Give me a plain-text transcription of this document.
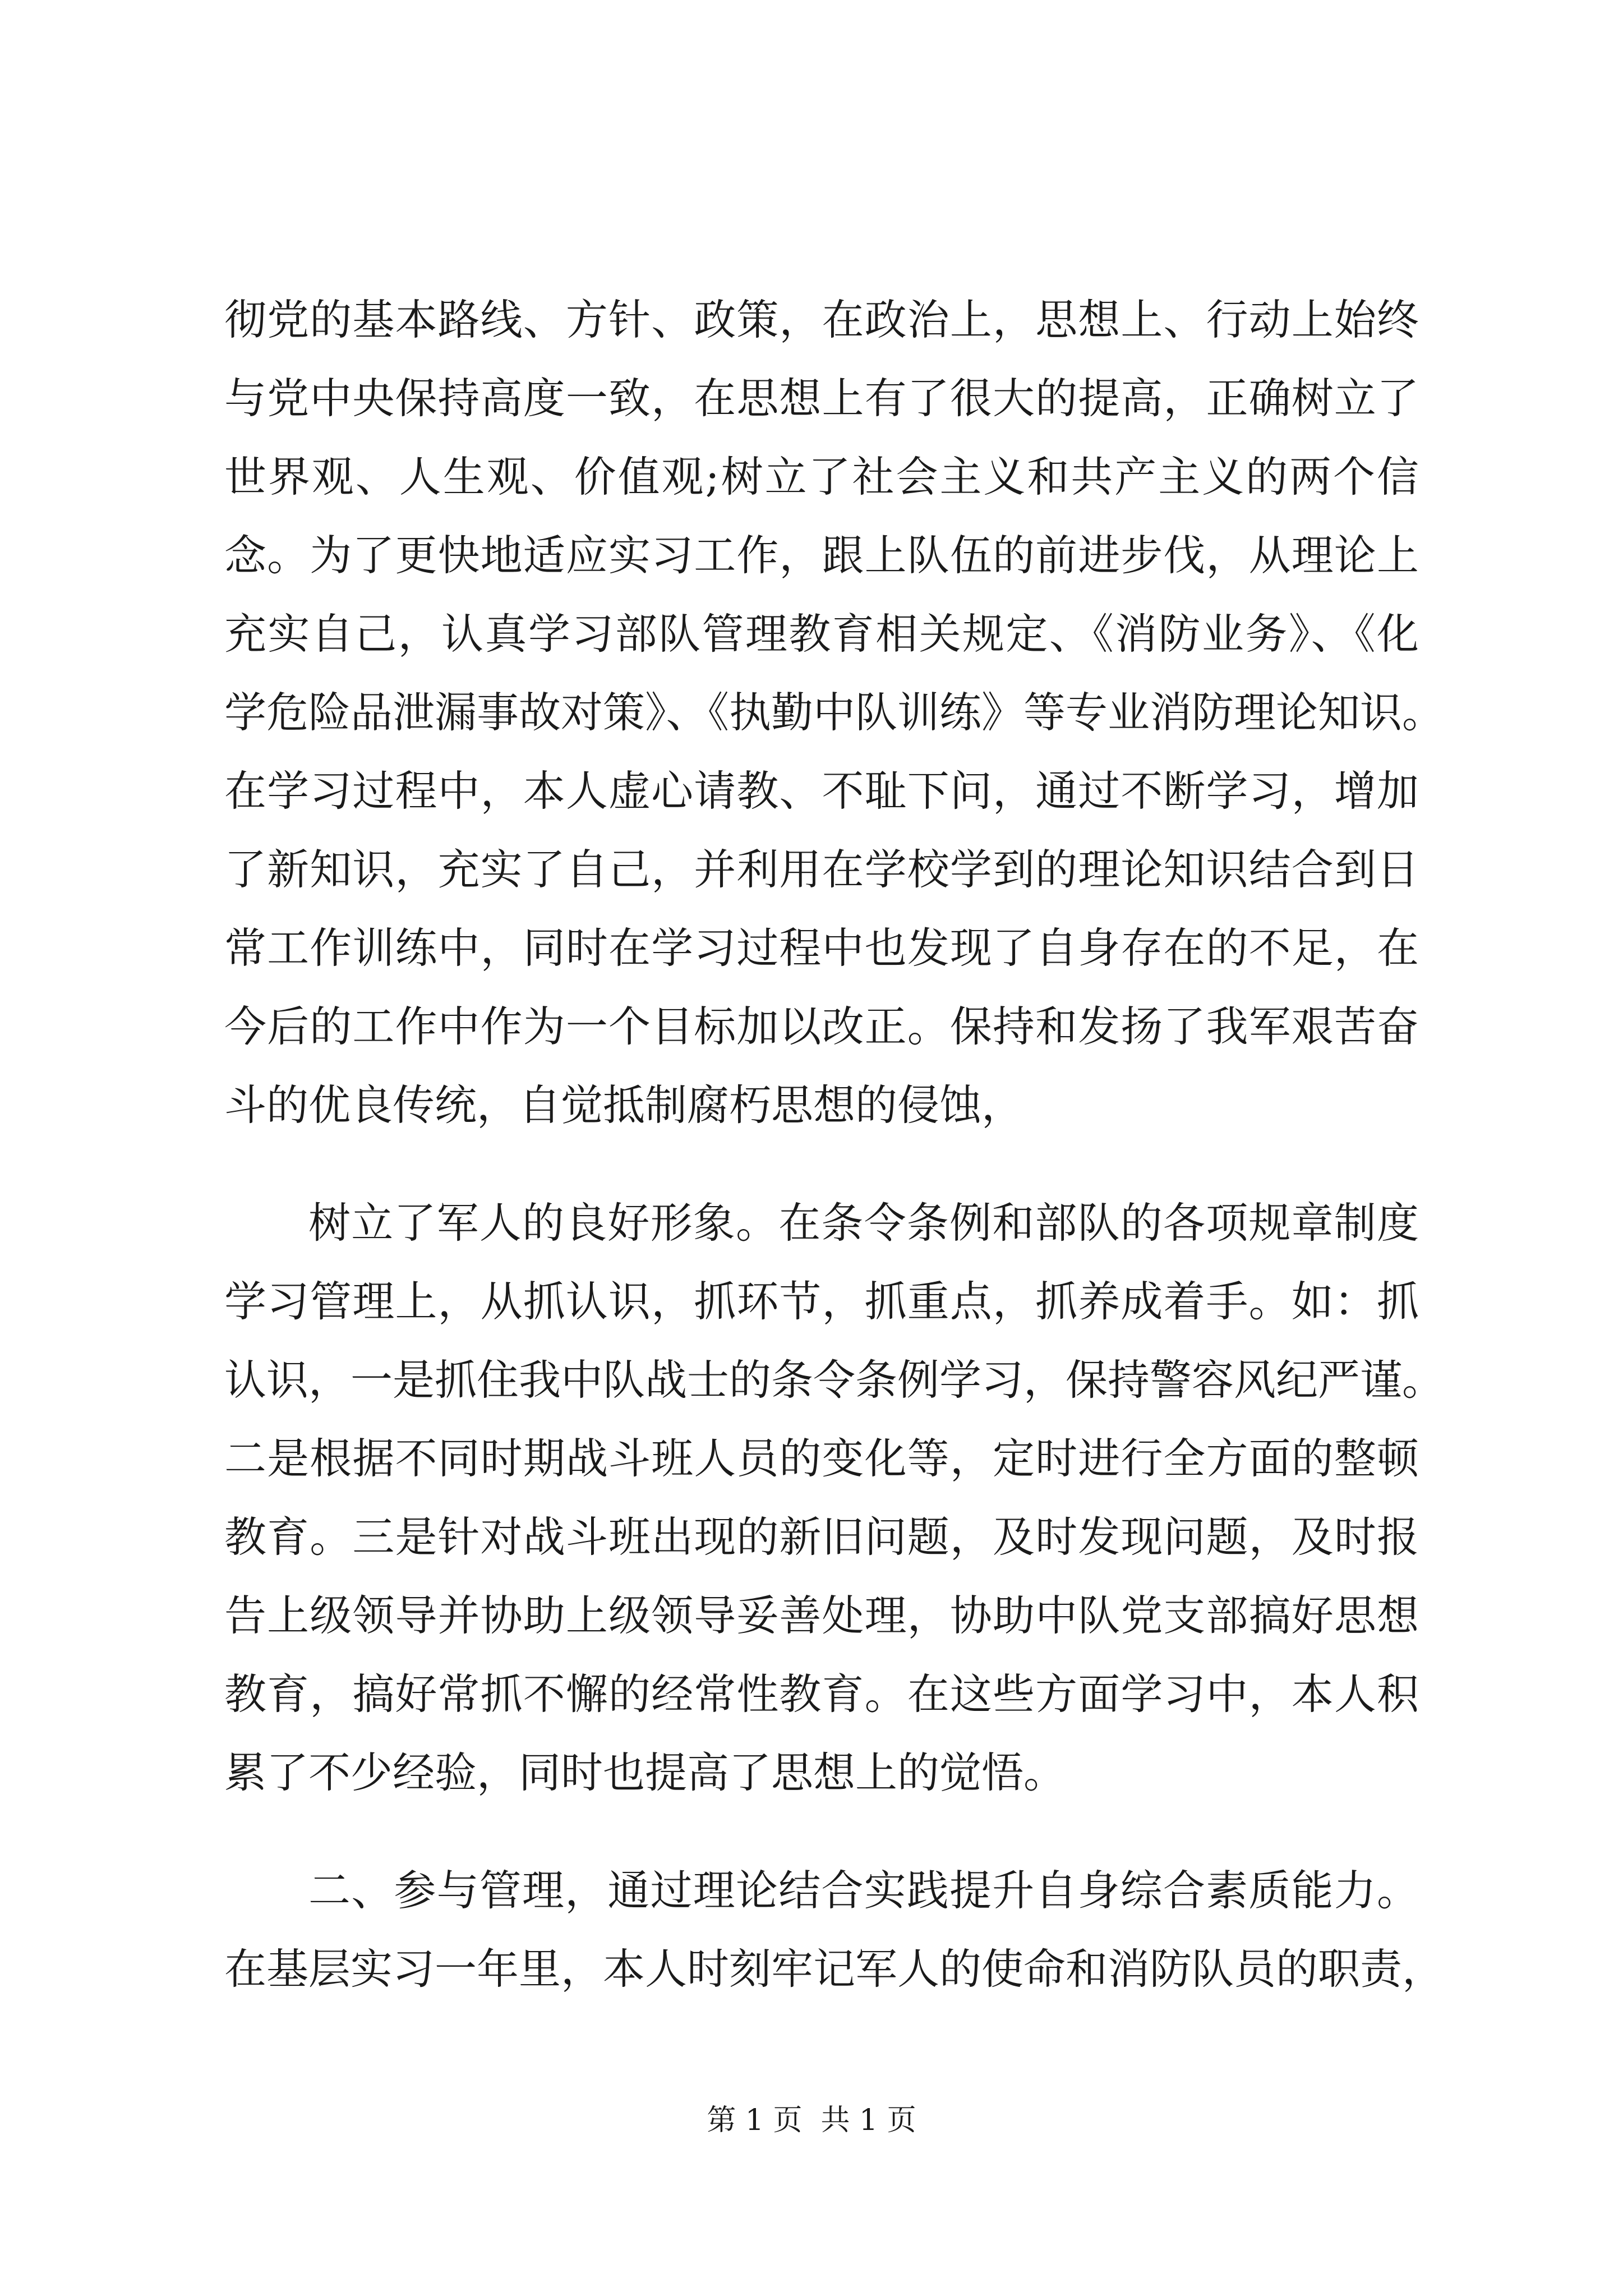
彻党的基本路线、方针、政策，在政治上，思想上、行动上始终
与党中央保持高度一致，在思想上有了很大的提高，正确树立了
世界观、人生观、价值观;树立了社会主义和共产主义的两个信
念。为了更快地适应实习工作，跟上队伍的前进步伐，从理论上
充实自己，认真学习部队管理教育相关规定、《消防业务》、《化
学危险品泄漏事故对策》、《执勤中队训练》等专业消防理论知识。
在学习过程中，本人虚心请教、不耻下问，通过不断学习，增加
了新知识，充实了自己，并利用在学校学到的理论知识结合到日
常工作训练中，同时在学习过程中也发现了自身存在的不足，在
今后的工作中作为一个目标加以改正。保持和发扬了我军艰苦奋
斗的优良传统，自觉抵制腐朽思想的侵蚀，
树立了军人的良好形象。在条令条例和部队的各项规章制度
学习管理上，从抓认识，抓环节，抓重点，抓养成着手。如：抓
认识，一是抓住我中队战士的条令条例学习，保持警容风纪严谨。
二是根据不同时期战斗班人员的变化等，定时进行全方面的整顿
教育。三是针对战斗班出现的新旧问题，及时发现问题，及时报
告上级领导并协助上级领导妥善处理，协助中队党支部搞好思想
教育，搞好常抓不懈的经常性教育。在这些方面学习中，本人积
累了不少经验，同时也提高了思想上的觉悟。
二、参与管理，通过理论结合实践提升自身综合素质能力。
在基层实习一年里，本人时刻牢记军人的使命和消防队员的职责，
第 1 页  共 1 页
